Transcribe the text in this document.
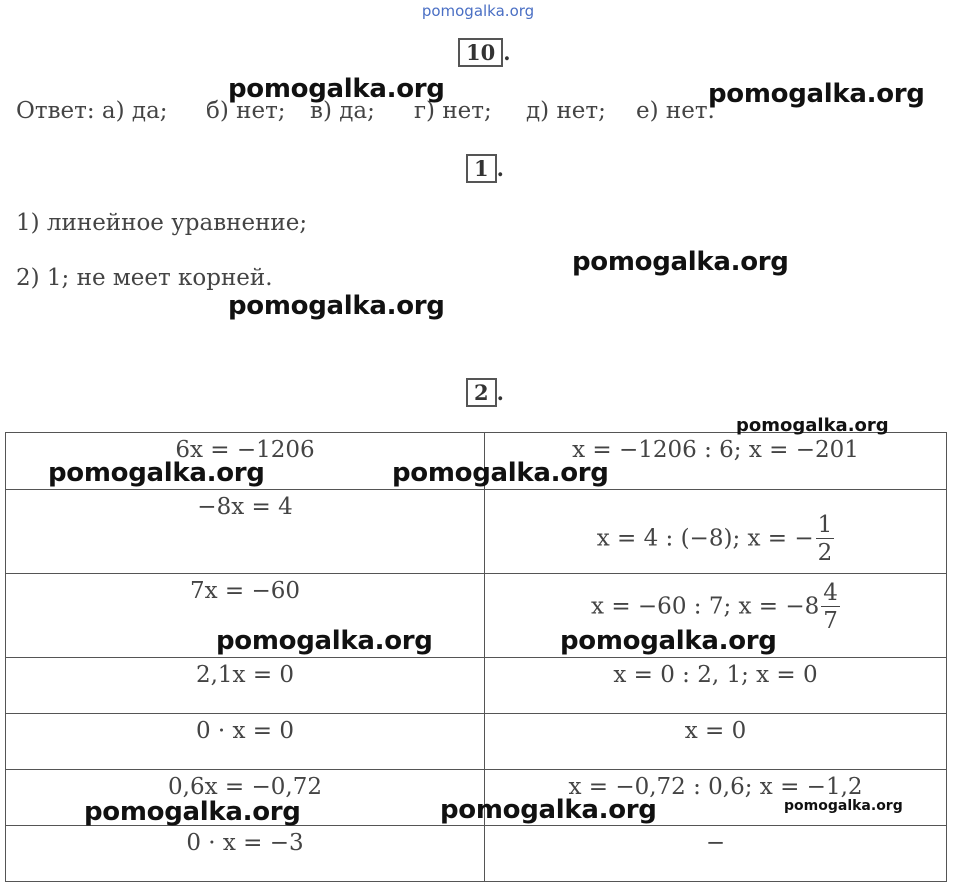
pomogalka.org
10 .
Ответ: а) да; б) нет; в) да; г) нет; д) нет; е) нет.
1 .
1) линейное уравнение;
2) 1; не меет корней.
2 .
6x = −1206	x = −1206 : 6; x = −201
−8x = 4	x = 4 : (−8); x = − $\frac{1}{2}$

7x = −60	x = −60 : 7; $x = -8 \frac{4}{7}$

2,1x = 0	x = 0 : 2, 1; x = 0
0 · x = 0	x = 0
0,6x = −0,72	x = −0,72 : 0,6; x = −1,2
0 · x = −3	−
pomogalka.org	pomogalka.org
pomogalka.org
pomogalka.org
pomogalka.org
pomogalka.org	pomogalka.org
pomogalka.org	pomogalka.org
pomogalka.org	pomogalka.org	pomogalka.org
